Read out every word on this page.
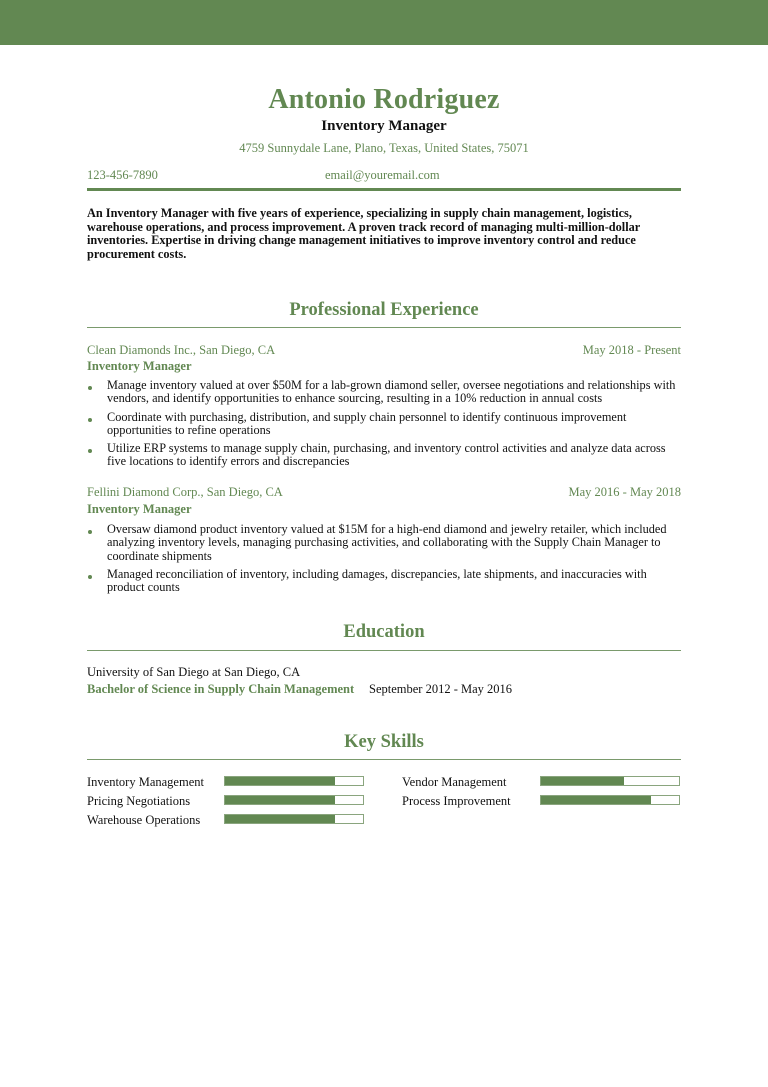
Antonio Rodriguez
Inventory Manager
4759 Sunnydale Lane, Plano, Texas, United States, 75071
123-456-7890	email@youremail.com
An Inventory Manager with five years of experience, specializing in supply chain management, logistics, warehouse operations, and process improvement. A proven track record of managing multi-million-dollar inventories. Expertise in driving change management initiatives to improve inventory control and reduce procurement costs.
Professional Experience
Clean Diamonds Inc., San Diego, CA	May 2018 - Present
Inventory Manager
Manage inventory valued at over $50M for a lab-grown diamond seller, oversee negotiations and relationships with vendors, and identify opportunities to enhance sourcing, resulting in a 10% reduction in annual costs
Coordinate with purchasing, distribution, and supply chain personnel to identify continuous improvement opportunities to refine operations
Utilize ERP systems to manage supply chain, purchasing, and inventory control activities and analyze data across five locations to identify errors and discrepancies
Fellini Diamond Corp., San Diego, CA	May 2016 - May 2018
Inventory Manager
Oversaw diamond product inventory valued at $15M for a high-end diamond and jewelry retailer, which included analyzing inventory levels, managing purchasing activities, and collaborating with the Supply Chain Manager to coordinate shipments
Managed reconciliation of inventory, including damages, discrepancies, late shipments, and inaccuracies with product counts
Education
University of San Diego at San Diego, CA
Bachelor of Science in Supply Chain Management September 2012 - May 2016
Key Skills
Inventory Management
Pricing Negotiations
Warehouse Operations
Vendor Management
Process Improvement
